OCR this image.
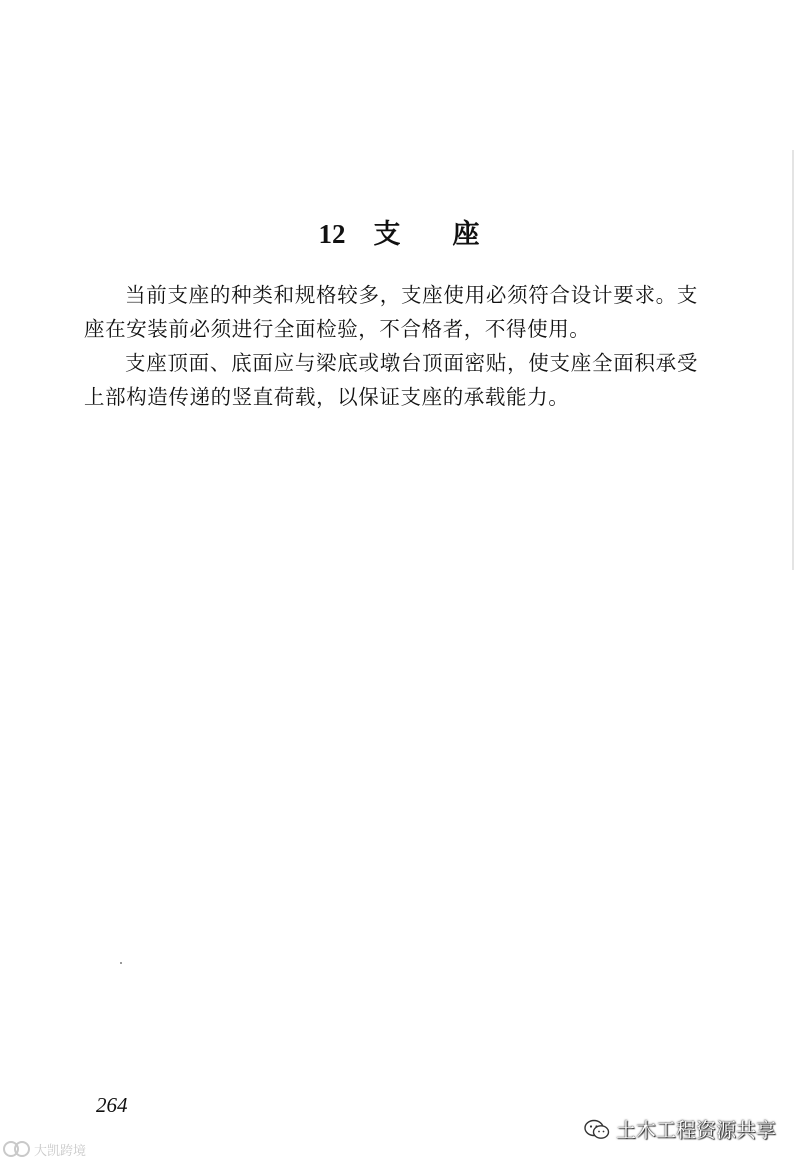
12 支座

当前支座的种类和规格较多，支座使用必须符合设计要求。支座在安装前必须进行全面检验，不合格者，不得使用。

支座顶面、底面应与梁底或墩台顶面密贴，使支座全面积承受上部构造传递的竖直荷载，以保证支座的承载能力。

264
大凯跨境
土木工程资源共享
